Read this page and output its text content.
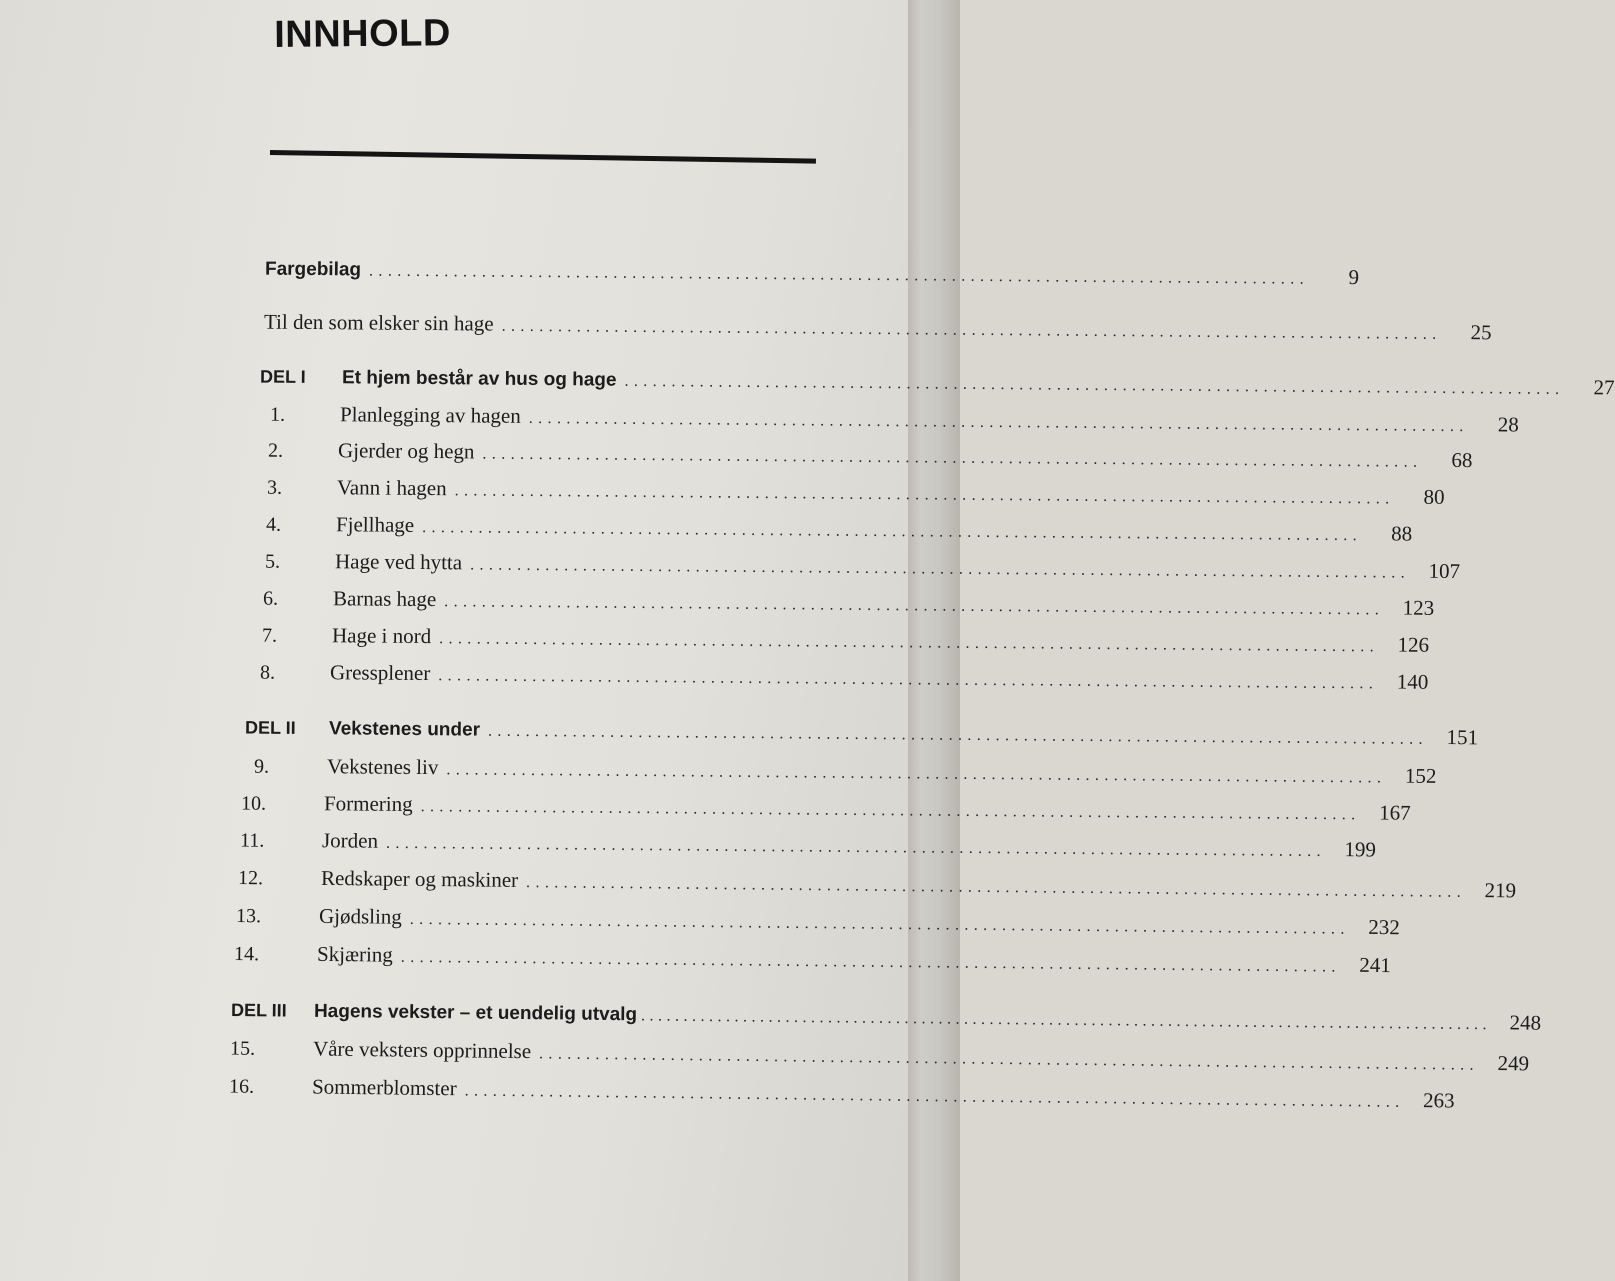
INNHOLD
Fargebilag ....................................................................................................	9
Til den som elsker sin hage ....................................................................................................	25
DEL I	Et hjem består av hus og hage ....................................................................................................	27
1.	Planlegging av hagen ....................................................................................................	28
2.	Gjerder og hegn ....................................................................................................	68
3.	Vann i hagen ....................................................................................................	80
4.	Fjellhage ....................................................................................................	88
5.	Hage ved hytta .................................................................................................... 107
6.	Barnas hage .................................................................................................... 123
7.	Hage i nord .................................................................................................... 126
8.	Gressplener .................................................................................................... 140
DEL II	Vekstenes under .................................................................................................... 151
9.	Vekstenes liv .................................................................................................... 152
10.	Formering .................................................................................................... 167
11.	Jorden .................................................................................................... 199
12.	Redskaper og maskiner .................................................................................................... 219
13.	Gjødsling .................................................................................................... 232
14.	Skjæring .................................................................................................... 241
DEL III	Hagens vekster – et uendelig utvalg .................................................................................................... 248
15.	Våre veksters opprinnelse .................................................................................................... 249
16.	Sommerblomster .................................................................................................... 263
